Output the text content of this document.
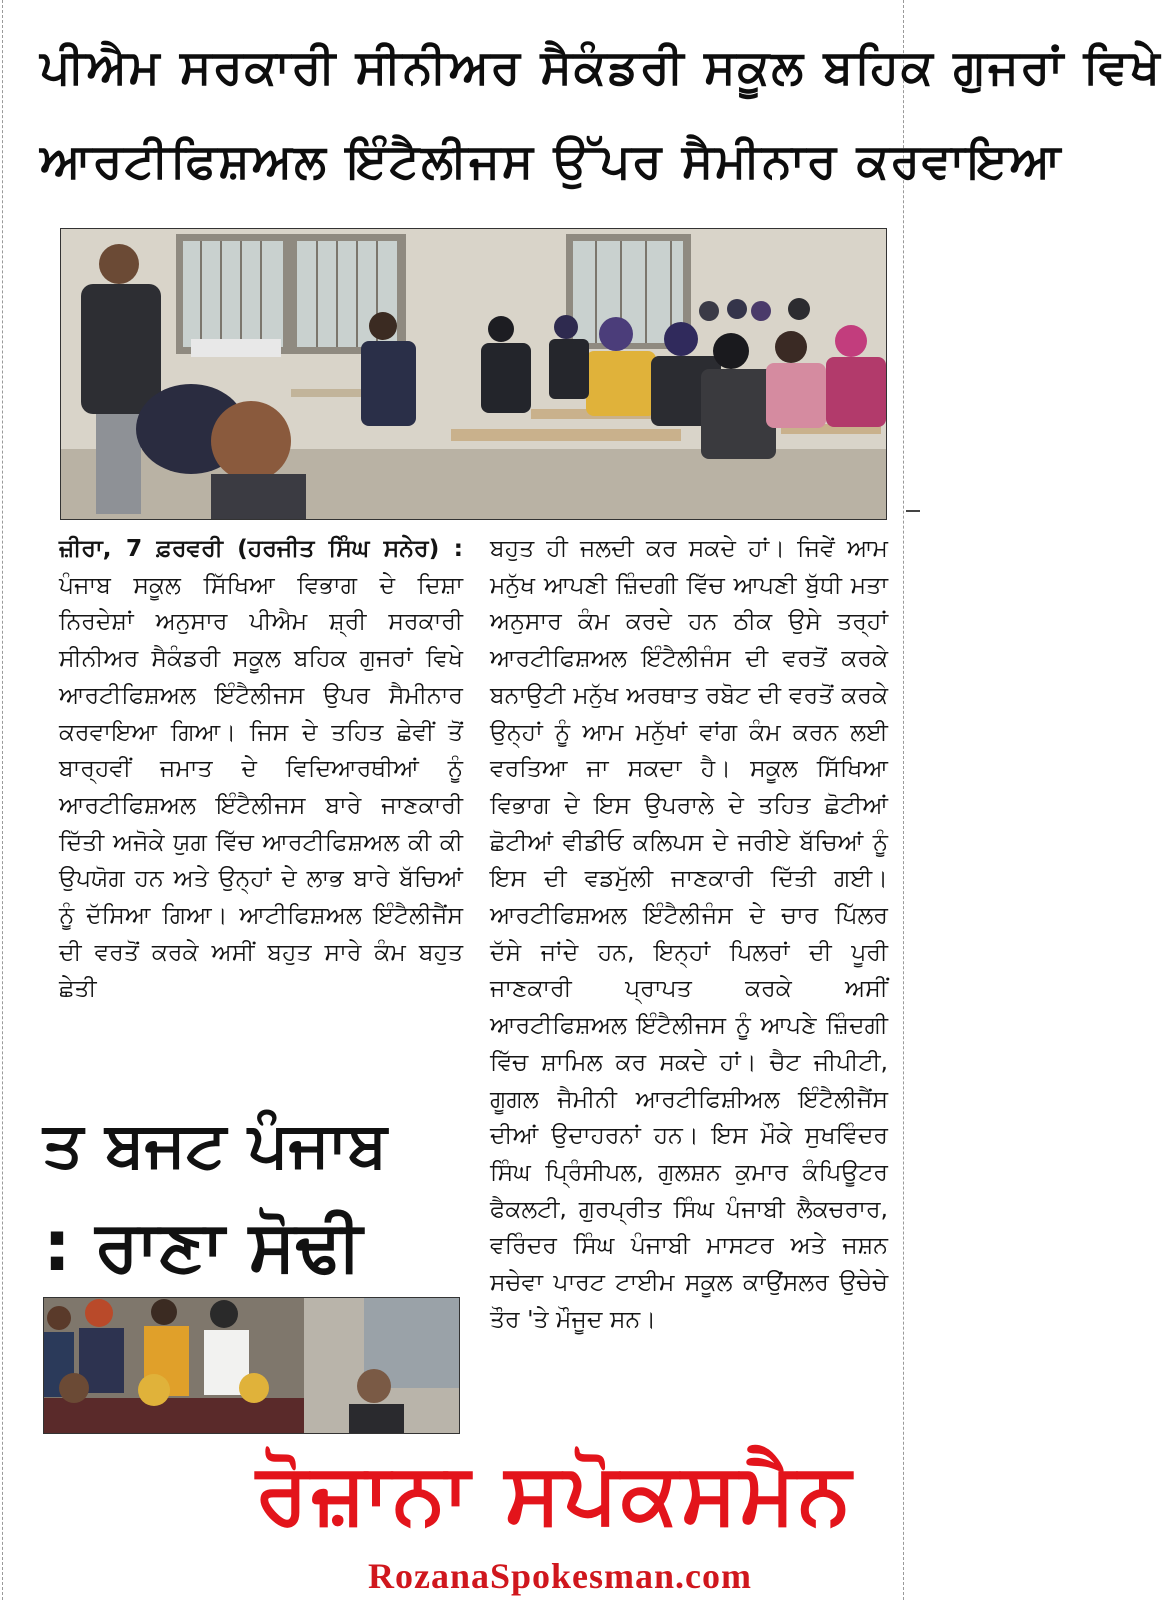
ਪੀਐਮ ਸਰਕਾਰੀ ਸੀਨੀਅਰ ਸੈਕੰਡਰੀ ਸਕੂਲ ਬਹਿਕ ਗੁਜਰਾਂ ਵਿਖੇ
ਆਰਟੀਫਿਸ਼ਅਲ ਇੰਟੈਲੀਜਸ ਉੱਪਰ ਸੈਮੀਨਾਰ ਕਰਵਾਇਆ
ਜ਼ੀਰਾ, 7 ਫ਼ਰਵਰੀ (ਹਰਜੀਤ ਸਿੰਘ ਸਨੇਰ) : ਪੰਜਾਬ ਸਕੂਲ ਸਿੱਖਿਆ ਵਿਭਾਗ ਦੇ ਦਿਸ਼ਾ ਨਿਰਦੇਸ਼ਾਂ ਅਨੁਸਾਰ ਪੀਐਮ ਸ਼੍ਰੀ ਸਰਕਾਰੀ ਸੀਨੀਅਰ ਸੈਕੰਡਰੀ ਸਕੂਲ ਬਹਿਕ ਗੁਜਰਾਂ ਵਿਖੇ ਆਰਟੀਫਿਸ਼ਅਲ ਇੰਟੈਲੀਜਸ ਉਪਰ ਸੈਮੀਨਾਰ ਕਰਵਾਇਆ ਗਿਆ। ਜਿਸ ਦੇ ਤਹਿਤ ਛੇਵੀਂ ਤੋਂ ਬਾਰ੍ਹਵੀਂ ਜਮਾਤ ਦੇ ਵਿਦਿਆਰਥੀਆਂ ਨੂੰ ਆਰਟੀਫਿਸ਼ਅਲ ਇੰਟੈਲੀਜਸ ਬਾਰੇ ਜਾਣਕਾਰੀ ਦਿੱਤੀ ਅਜੋਕੇ ਯੁਗ ਵਿੱਚ ਆਰਟੀਫਿਸ਼ਅਲ ਕੀ ਕੀ ਉਪਯੋਗ ਹਨ ਅਤੇ ਉਨ੍ਹਾਂ ਦੇ ਲਾਭ ਬਾਰੇ ਬੱਚਿਆਂ ਨੂੰ ਦੱਸਿਆ ਗਿਆ। ਆਟੀਫਿਸ਼ਅਲ ਇੰਟੈਲੀਜੈਂਸ ਦੀ ਵਰਤੋਂ ਕਰਕੇ ਅਸੀਂ ਬਹੁਤ ਸਾਰੇ ਕੰਮ ਬਹੁਤ ਛੇਤੀ
ਬਹੁਤ ਹੀ ਜਲਦੀ ਕਰ ਸਕਦੇ ਹਾਂ। ਜਿਵੇਂ ਆਮ ਮਨੁੱਖ ਆਪਣੀ ਜ਼ਿੰਦਗੀ ਵਿੱਚ ਆਪਣੀ ਬੁੱਧੀ ਮਤਾ ਅਨੁਸਾਰ ਕੰਮ ਕਰਦੇ ਹਨ ਠੀਕ ਉਸੇ ਤਰ੍ਹਾਂ ਆਰਟੀਫਿਸ਼ਅਲ ਇੰਟੈਲੀਜੰਸ ਦੀ ਵਰਤੋਂ ਕਰਕੇ ਬਨਾਉਟੀ ਮਨੁੱਖ ਅਰਥਾਤ ਰਬੋਟ ਦੀ ਵਰਤੋਂ ਕਰਕੇ ਉਨ੍ਹਾਂ ਨੂੰ ਆਮ ਮਨੁੱਖਾਂ ਵਾਂਗ ਕੰਮ ਕਰਨ ਲਈ ਵਰਤਿਆ ਜਾ ਸਕਦਾ ਹੈ। ਸਕੂਲ ਸਿੱਖਿਆ ਵਿਭਾਗ ਦੇ ਇਸ ਉਪਰਾਲੇ ਦੇ ਤਹਿਤ ਛੋਟੀਆਂ ਛੋਟੀਆਂ ਵੀਡੀਓ ਕਲਿਪਸ ਦੇ ਜਰੀਏ ਬੱਚਿਆਂ ਨੂੰ ਇਸ ਦੀ ਵਡਮੁੱਲੀ ਜਾਣਕਾਰੀ ਦਿੱਤੀ ਗਈ। ਆਰਟੀਫਿਸ਼ਅਲ ਇੰਟੈਲੀਜੰਸ ਦੇ ਚਾਰ ਪਿੱਲਰ ਦੱਸੇ ਜਾਂਦੇ ਹਨ, ਇਨ੍ਹਾਂ ਪਿਲਰਾਂ ਦੀ ਪੂਰੀ ਜਾਣਕਾਰੀ ਪ੍ਰਾਪਤ ਕਰਕੇ ਅਸੀਂ ਆਰਟੀਫਿਸ਼ਅਲ ਇੰਟੈਲੀਜਸ ਨੂੰ ਆਪਣੇ ਜ਼ਿੰਦਗੀ ਵਿੱਚ ਸ਼ਾਮਿਲ ਕਰ ਸਕਦੇ ਹਾਂ। ਚੈਟ ਜੀਪੀਟੀ, ਗੂਗਲ ਜੈਮੀਨੀ ਆਰਟੀਫਿਸ਼ੀਅਲ ਇੰਟੈਲੀਜੈਂਸ ਦੀਆਂ ਉਦਾਹਰਨਾਂ ਹਨ। ਇਸ ਮੌਕੇ ਸੁਖਵਿੰਦਰ ਸਿੰਘ ਪ੍ਰਿੰਸੀਪਲ, ਗੁਲਸ਼ਨ ਕੁਮਾਰ ਕੰਪਿਊਟਰ ਫੈਕਲਟੀ, ਗੁਰਪ੍ਰੀਤ ਸਿੰਘ ਪੰਜਾਬੀ ਲੈਕਚਰਾਰ, ਵਰਿੰਦਰ ਸਿੰਘ ਪੰਜਾਬੀ ਮਾਸਟਰ ਅਤੇ ਜਸ਼ਨ ਸਚੇਵਾ ਪਾਰਟ ਟਾਈਮ ਸਕੂਲ ਕਾਉਂਸਲਰ ਉਚੇਚੇ ਤੌਰ 'ਤੇ ਮੌਜੂਦ ਸਨ।
ਤ ਬਜਟ ਪੰਜਾਬ
: ਰਾਣਾ ਸੋਢੀ
ਰੋਜ਼ਾਨਾ ਸਪੋਕਸਮੈਨ
RozanaSpokesman.com
